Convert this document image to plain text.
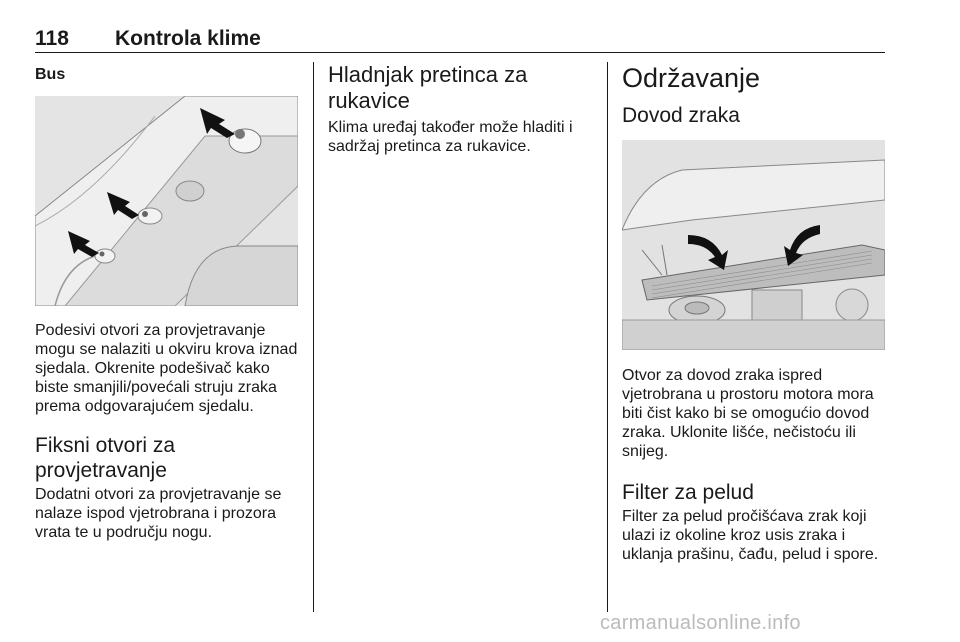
118 Kontrola klime
Bus

Podesivi otvori za provjetravanje mogu se nalaziti u okviru krova iznad sjedala. Okrenite podešivač kako biste smanjili/povećali struju zraka prema odgovarajućem sjedalu.

Fiksni otvori za provjetravanje

Dodatni otvori za provjetravanje se nalaze ispod vjetrobrana i prozora vrata te u području nogu.

Hladnjak pretinca za rukavice

Klima uređaj također može hladiti i sadržaj pretinca za rukavice.

Održavanje
Dovod zraka

Otvor za dovod zraka ispred vjetrobrana u prostoru motora mora biti čist kako bi se omogućio dovod zraka. Uklonite lišće, nečistoću ili snijeg.

Filter za pelud

Filter za pelud pročišćava zrak koji ulazi iz okoline kroz usis zraka i uklanja prašinu, čađu, pelud i spore.

carmanualsonline.info
